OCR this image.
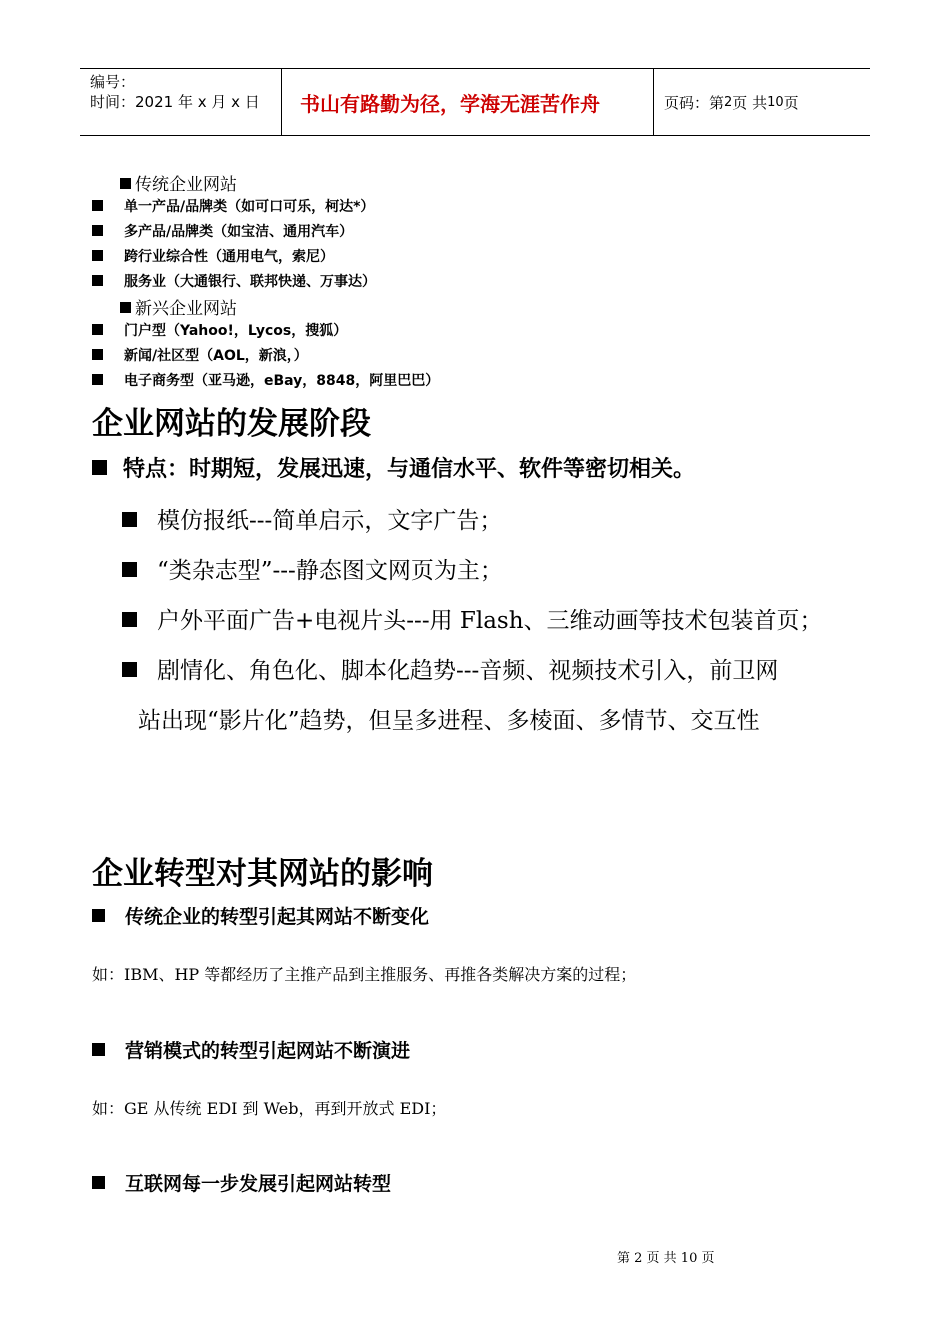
编号：
时间：2021 年 x 月 x 日	书山有路勤为径，学海无涯苦作舟	页码：第 2 页 共 10 页
传统企业网站
单一产品/品牌类（如可口可乐，柯达*）
多产品/品牌类（如宝洁、通用汽车）
跨行业综合性（通用电气，索尼）
服务业（大通银行、联邦快递、万事达）
新兴企业网站
门户型（Yahoo!，Lycos，搜狐）
新闻/社区型（AOL，新浪，）
电子商务型（亚马逊，eBay，8848，阿里巴巴）
企业网站的发展阶段
特点：时期短，发展迅速，与通信水平、软件等密切相关。
模仿报纸---简单启示，文字广告；
“类杂志型”---静态图文网页为主；
户外平面广告+电视片头---用 Flash、三维动画等技术包装首页；
剧情化、角色化、脚本化趋势---音频、视频技术引入，前卫网
站出现“影片化”趋势，但呈多进程、多棱面、多情节、交互性
企业转型对其网站的影响
传统企业的转型引起其网站不断变化
如：IBM、HP 等都经历了主推产品到主推服务、再推各类解决方案的过程；
营销模式的转型引起网站不断演进
如：GE 从传统 EDI 到 Web，再到开放式 EDI；
互联网每一步发展引起网站转型
第 2 页 共 10 页
